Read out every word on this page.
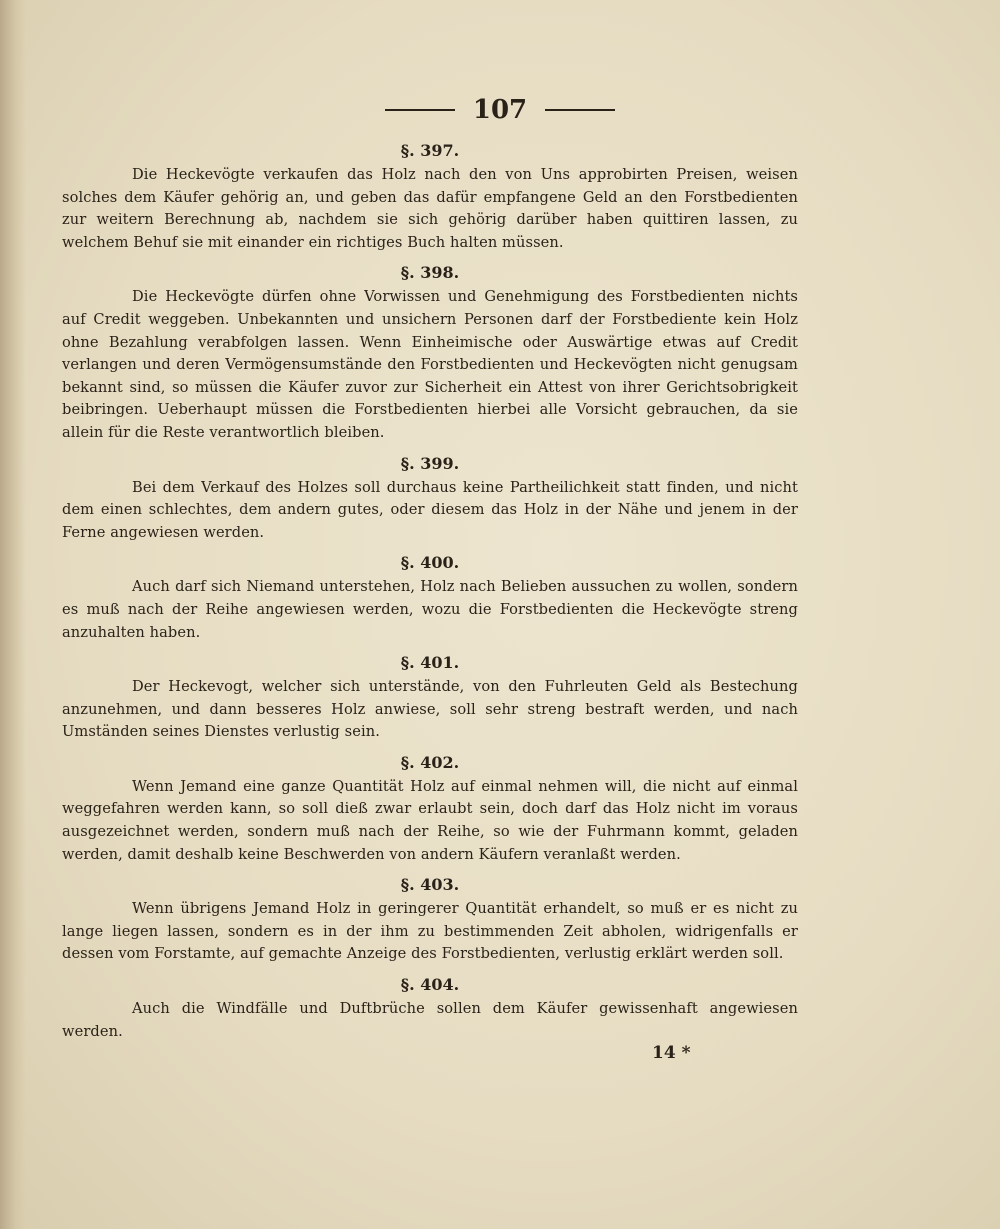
107
§. 397.

Die Heckevögte verkaufen das Holz nach den von Uns approbirten Preisen, weisen solches dem Käufer gehörig an, und geben das dafür empfangene Geld an den Forstbedienten zur weitern Berechnung ab, nachdem sie sich gehörig darüber haben quittiren lassen, zu welchem Behuf sie mit einander ein richtiges Buch halten müssen.

§. 398.

Die Heckevögte dürfen ohne Vorwissen und Genehmigung des Forstbedienten nichts auf Credit weggeben. Unbekannten und unsichern Personen darf der Forstbediente kein Holz ohne Bezahlung verabfolgen lassen. Wenn Einheimische oder Auswärtige etwas auf Credit verlangen und deren Vermögensumstände den Forstbedienten und Heckevögten nicht genugsam bekannt sind, so müssen die Käufer zuvor zur Sicherheit ein Attest von ihrer Gerichtsobrigkeit beibringen. Ueberhaupt müssen die Forstbedienten hierbei alle Vorsicht gebrauchen, da sie allein für die Reste verantwortlich bleiben.

§. 399.

Bei dem Verkauf des Holzes soll durchaus keine Partheilichkeit statt finden, und nicht dem einen schlechtes, dem andern gutes, oder diesem das Holz in der Nähe und jenem in der Ferne angewiesen werden.

§. 400.

Auch darf sich Niemand unterstehen, Holz nach Belieben aussuchen zu wollen, sondern es muß nach der Reihe angewiesen werden, wozu die Forstbedienten die Heckevögte streng anzuhalten haben.

§. 401.

Der Heckevogt, welcher sich unterstände, von den Fuhrleuten Geld als Bestechung anzunehmen, und dann besseres Holz anwiese, soll sehr streng bestraft werden, und nach Umständen seines Dienstes verlustig sein.

§. 402.

Wenn Jemand eine ganze Quantität Holz auf einmal nehmen will, die nicht auf einmal weggefahren werden kann, so soll dieß zwar erlaubt sein, doch darf das Holz nicht im voraus ausgezeichnet werden, sondern muß nach der Reihe, so wie der Fuhrmann kommt, geladen werden, damit deshalb keine Beschwerden von andern Käufern veranlaßt werden.

§. 403.

Wenn übrigens Jemand Holz in geringerer Quantität erhandelt, so muß er es nicht zu lange liegen lassen, sondern es in der ihm zu bestimmenden Zeit abholen, widrigenfalls er dessen vom Forstamte, auf gemachte Anzeige des Forstbedienten, verlustig erklärt werden soll.

§. 404.

Auch die Windfälle und Duftbrüche sollen dem Käufer gewissenhaft angewiesen werden.

14 *
